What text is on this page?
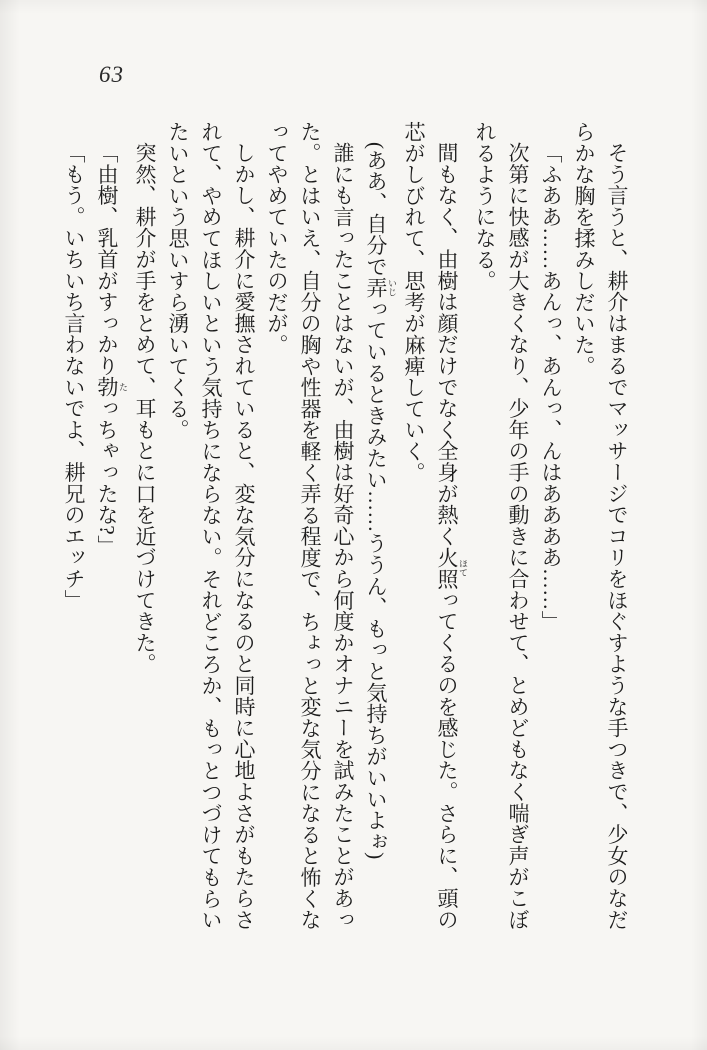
63
そう言うと、耕介はまるでマッサージでコリをほぐすような手つきで、少女のなだ
らかな胸を揉みしだいた。
「ふああ……あんっ、あんっ、んはああああ……」
次第に快感が大きくなり、少年の手の動きに合わせて、とめどもなく喘ぎ声がこぼ
れるようになる。
間もなく、由樹は顔だけでなく全身が熱く火照 ほてってくるのを感じた。さらに、頭の
芯がしびれて、思考が麻痺していく。
(ああ、自分で弄 いじっているときみたい……ううん、もっと気持ちがいいよぉ)
誰にも言ったことはないが、由樹は好奇心から何度かオナニーを試みたことがあっ
た。とはいえ、自分の胸や性器を軽く弄る程度で、ちょっと変な気分になると怖くな
ってやめていたのだが。
しかし、耕介に愛撫されていると、変な気分になるのと同時に心地よさがもたらさ
れて、やめてほしいという気持ちにならない。それどころか、もっとつづけてもらい
たいという思いすら湧いてくる。
突然、耕介が手をとめて、耳もとに口を近づけてきた。
「由樹、乳首がすっかり勃 たっちゃったな?」
「もう。いちいち言わないでよ、耕兄のエッチ」
